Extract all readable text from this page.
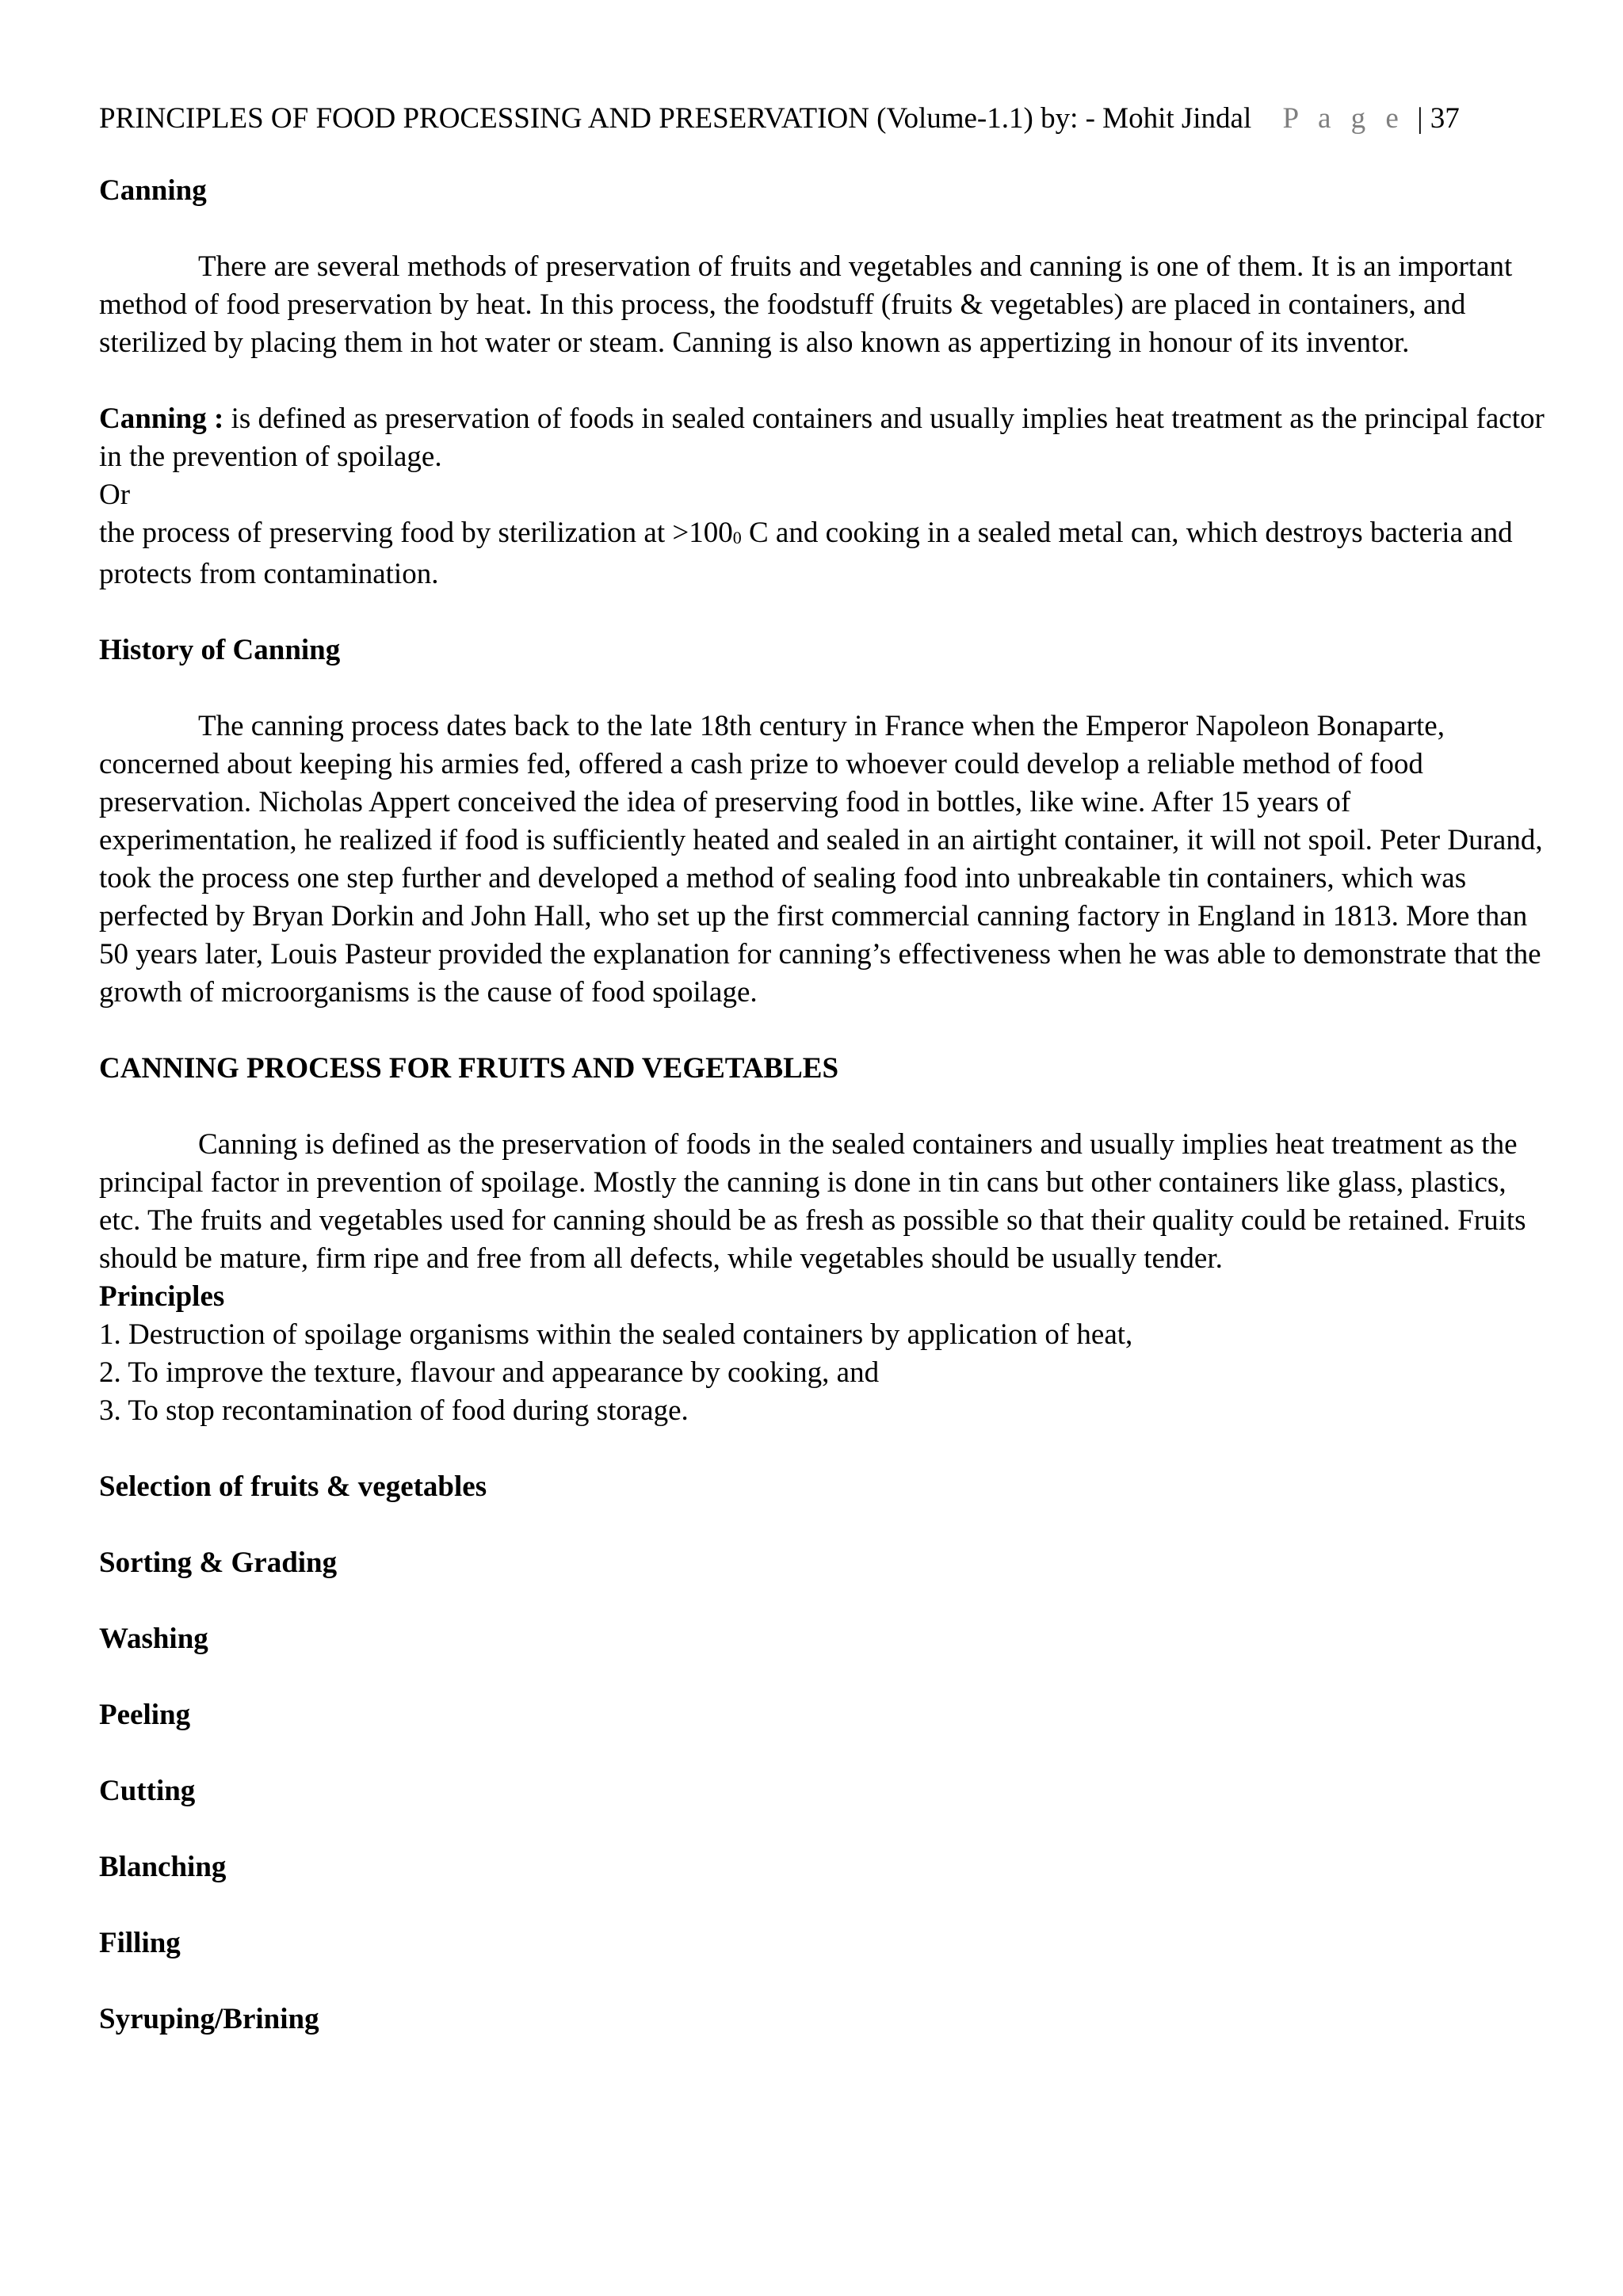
PRINCIPLES OF FOOD PROCESSING AND PRESERVATION (Volume-1.1) by: - Mohit Jindal P a g e | 37
Canning

There are several methods of preservation of fruits and vegetables and canning is one of them. It is an important method of food preservation by heat. In this process, the foodstuff (fruits & vegetables) are placed in containers, and sterilized by placing them in hot water or steam. Canning is also known as appertizing in honour of its inventor.

Canning : is defined as preservation of foods in sealed containers and usually implies heat treatment as the principal factor in the prevention of spoilage.

Or

the process of preserving food by sterilization at $>100_0$ C and cooking in a sealed metal can, which destroys bacteria and protects from contamination.

History of Canning

The canning process dates back to the late 18th century in France when the Emperor Napoleon Bonaparte, concerned about keeping his armies fed, offered a cash prize to whoever could develop a reliable method of food preservation. Nicholas Appert conceived the idea of preserving food in bottles, like wine. After 15 years of experimentation, he realized if food is sufficiently heated and sealed in an airtight container, it will not spoil. Peter Durand, took the process one step further and developed a method of sealing food into unbreakable tin containers, which was perfected by Bryan Dorkin and John Hall, who set up the first commercial canning factory in England in 1813. More than 50 years later, Louis Pasteur provided the explanation for canning’s effectiveness when he was able to demonstrate that the growth of microorganisms is the cause of food spoilage.

CANNING PROCESS FOR FRUITS AND VEGETABLES

Canning is defined as the preservation of foods in the sealed containers and usually implies heat treatment as the principal factor in prevention of spoilage. Mostly the canning is done in tin cans but other containers like glass, plastics, etc. The fruits and vegetables used for canning should be as fresh as possible so that their quality could be retained. Fruits should be mature, firm ripe and free from all defects, while vegetables should be usually tender.

Principles

1. Destruction of spoilage organisms within the sealed containers by application of heat,

2. To improve the texture, flavour and appearance by cooking, and

3. To stop recontamination of food during storage.

Selection of fruits & vegetables
Sorting & Grading
Washing
Peeling
Cutting
Blanching
Filling
Syruping/Brining
